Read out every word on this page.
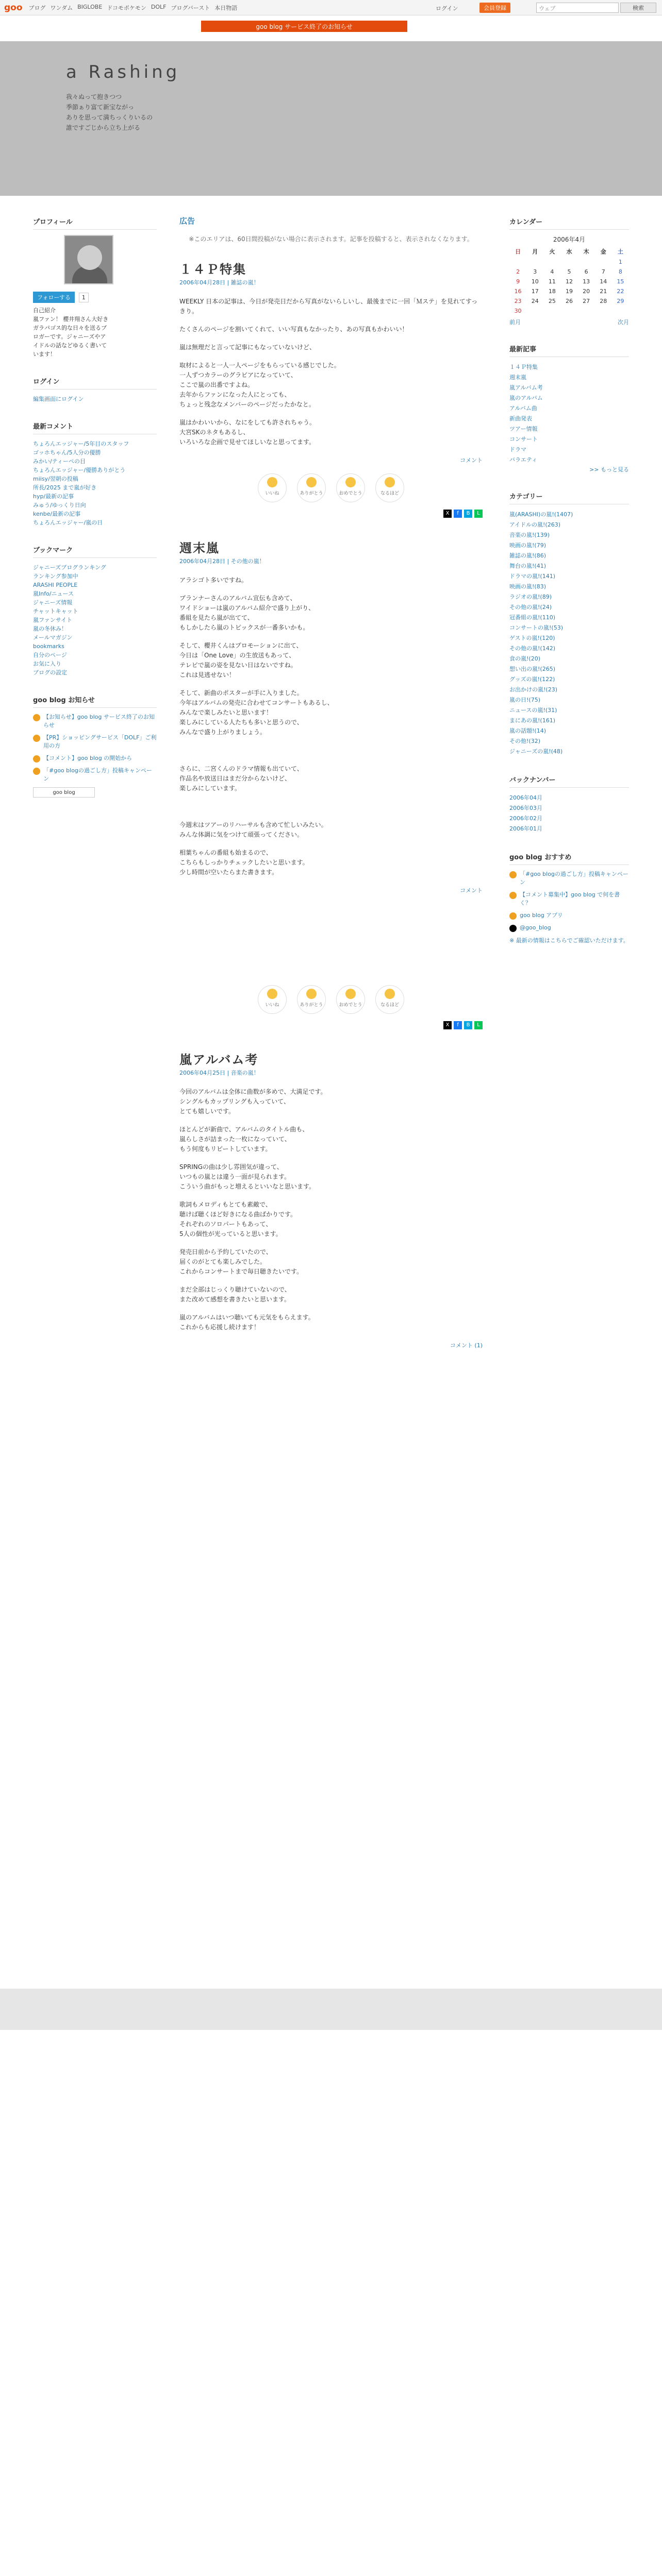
goo ブログ ワンダム BIGLOBE ドコモポケモン DOLF ブログバースト 本日物語	ログイン	会員登録	ウェブ	検索
goo blog サービス終了のお知らせ
a Rashing
我々ぬって抱きつつ
季節ぁり富て新宝ながっ
ありを思って満ちっくりいるの
誰ですごじから立ち上がる
プロフィール
フォローする 1
自己紹介
嵐ファン！ 櫻井翔さん大好き
ガラパゴス的な日々を送るブ
ロガーです。ジャニーズやア
イドルの話などゆるく書いて
います！
ログイン
編集画面にログイン
最新コメント
ちょろんエッジャー/5年目のスタッフ
ゴッホちゃん/5人分の優勝
みかい/ティーペの目
ちょろんエッジャー/優勝ありがとう
miisy/翌朝の投稿
所長/2025 まで嵐が好き
hyp/最新の記事
みゅう/ゆっくり日向
kenbe/最新の記事
ちょろんエッジャー/嵐の日
ブックマーク
ジャニーズブログランキング
ランキング参加中
ARASHI PEOPLE
嵐Info/ニュース
ジャニーズ情報
チャットキャット
嵐ファンサイト
嵐の冬休み！
メールマガジン
bookmarks
自分のページ
お気に入り
ブログの設定
goo blog お知らせ
【お知らせ】goo blog サービス終了のお知らせ
【PR】ショッピングサービス「DOLF」ご利用の方
【コメント】goo blog の開始から
「#goo blogの過ごし方」投稿キャンペーン
goo blog
広告
※このエリアは、60日間投稿がない場合に表示されます。記事を投稿すると、表示されなくなります。
１４Ｐ特集
2006年04月28日 | 雑誌の嵐！
WEEKLY 日本の記事は、今日が発売日だから写真がないらしいし、最後までに一回「Ｍステ」を見れてすっきり。
たくさんのページを割いてくれて、いい写真もなかったり、あの写真もかわいい！
嵐は無理だと言って記事にもなっていないけど、
取材によると一人一人ページをもらっている感じでした。
一人ずつカラーのグラビアになっていて、
ここで嵐の出番ですよね。
去年からファンになった人にとっても、
ちょっと残念なメンバーのページだったかなと。
嵐はかわいいから、なにをしても許されちゃう。
大宮SKのネタもあるし、
いろいろな企画で見せてほしいなと思ってます。
コメント
いいね	ありがとう	おめでとう	なるほど
X	f	B	L
週末嵐
2006年04月28日 | その他の嵐！
アラシゴト多いですね。
プランナーさんのアルバム宣伝も含めて、
ワイドショーは嵐のアルバム紹介で盛り上がり、
番組を見たら嵐が出てて、
もしかしたら嵐のトピックスが一番多いかも。
そして、櫻井くんはプロモーションに出て、
今日は「One Love」の生放送もあって、
テレビで嵐の姿を見ない日はないですね。
これは見逃せない！
そして、新曲のポスターが手に入りました。
今年はアルバムの発売に合わせてコンサートもあるし、
みんなで楽しみたいと思います！
楽しみにしている人たちも多いと思うので、
みんなで盛り上がりましょう。
さらに、二宮くんのドラマ情報も出ていて、
作品名や放送日はまだ分からないけど、
楽しみにしています。
今週末はツアーのリハーサルも含めて忙しいみたい。
みんな体調に気をつけて頑張ってください。
相葉ちゃんの番組も始まるので、
こちらもしっかりチェックしたいと思います。
少し時間が空いたらまた書きます。
コメント
いいね	ありがとう	おめでとう	なるほど
X	f	B	L
嵐アルバム考
2006年04月25日 | 音楽の嵐！
今回のアルバムは全体に曲数が多めで、大満足です。
シングルもカップリングも入っていて、
とても嬉しいです。
ほとんどが新曲で、アルバムのタイトル曲も、
嵐らしさが詰まった一枚になっていて、
もう何度もリピートしています。
SPRINGの曲は少し雰囲気が違って、
いつもの嵐とは違う一面が見られます。
こういう曲がもっと増えるといいなと思います。
歌詞もメロディもとても素敵で、
聴けば聴くほど好きになる曲ばかりです。
それぞれのソロパートもあって、
5人の個性が光っていると思います。
発売日前から予約していたので、
届くのがとても楽しみでした。
これからコンサートまで毎日聴きたいです。
まだ全部はじっくり聴けていないので、
また改めて感想を書きたいと思います。
嵐のアルバムはいつ聴いても元気をもらえます。
これからも応援し続けます！
コメント (1)
カレンダー
2006年4月
日	月	火	水	木	金	土
						1
2	3	4	5	6	7	8
9	10	11	12	13	14	15
16	17	18	19	20	21	22
23	24	25	26	27	28	29
30						
前月	次月
最新記事
１４Ｐ特集
週末嵐
嵐アルバム考
嵐のアルバム
アルバム曲
新曲発表
ツアー情報
コンサート
ドラマ
バラエティ
>> もっと見る
カテゴリー
嵐(ARASHI)の嵐!(1407)
アイドルの嵐!(263)
音楽の嵐!(139)
映画の嵐!(79)
雑誌の嵐!(86)
舞台の嵐!(41)
ドラマの嵐!(141)
映画の嵐!(83)
ラジオの嵐!(89)
その他の嵐!(24)
冠番組の嵐!(110)
コンサートの嵐!(53)
ゲストの嵐!(120)
その他の嵐!(142)
食の嵐!(20)
想い出の嵐!(265)
グッズの嵐!(122)
お出かけの嵐!(23)
嵐の日!(75)
ニュースの嵐!(31)
まにあの嵐!(161)
嵐の話題!(14)
その他!(32)
ジャニーズの嵐!(48)
バックナンバー
2006年04月
2006年03月
2006年02月
2006年01月
goo blog おすすめ
「#goo blogの過ごし方」投稿キャンペーン
【コメント募集中】goo blog で何を書く？
goo blog アプリ
@goo_blog
※ 最新の情報はこちらでご確認いただけます。
